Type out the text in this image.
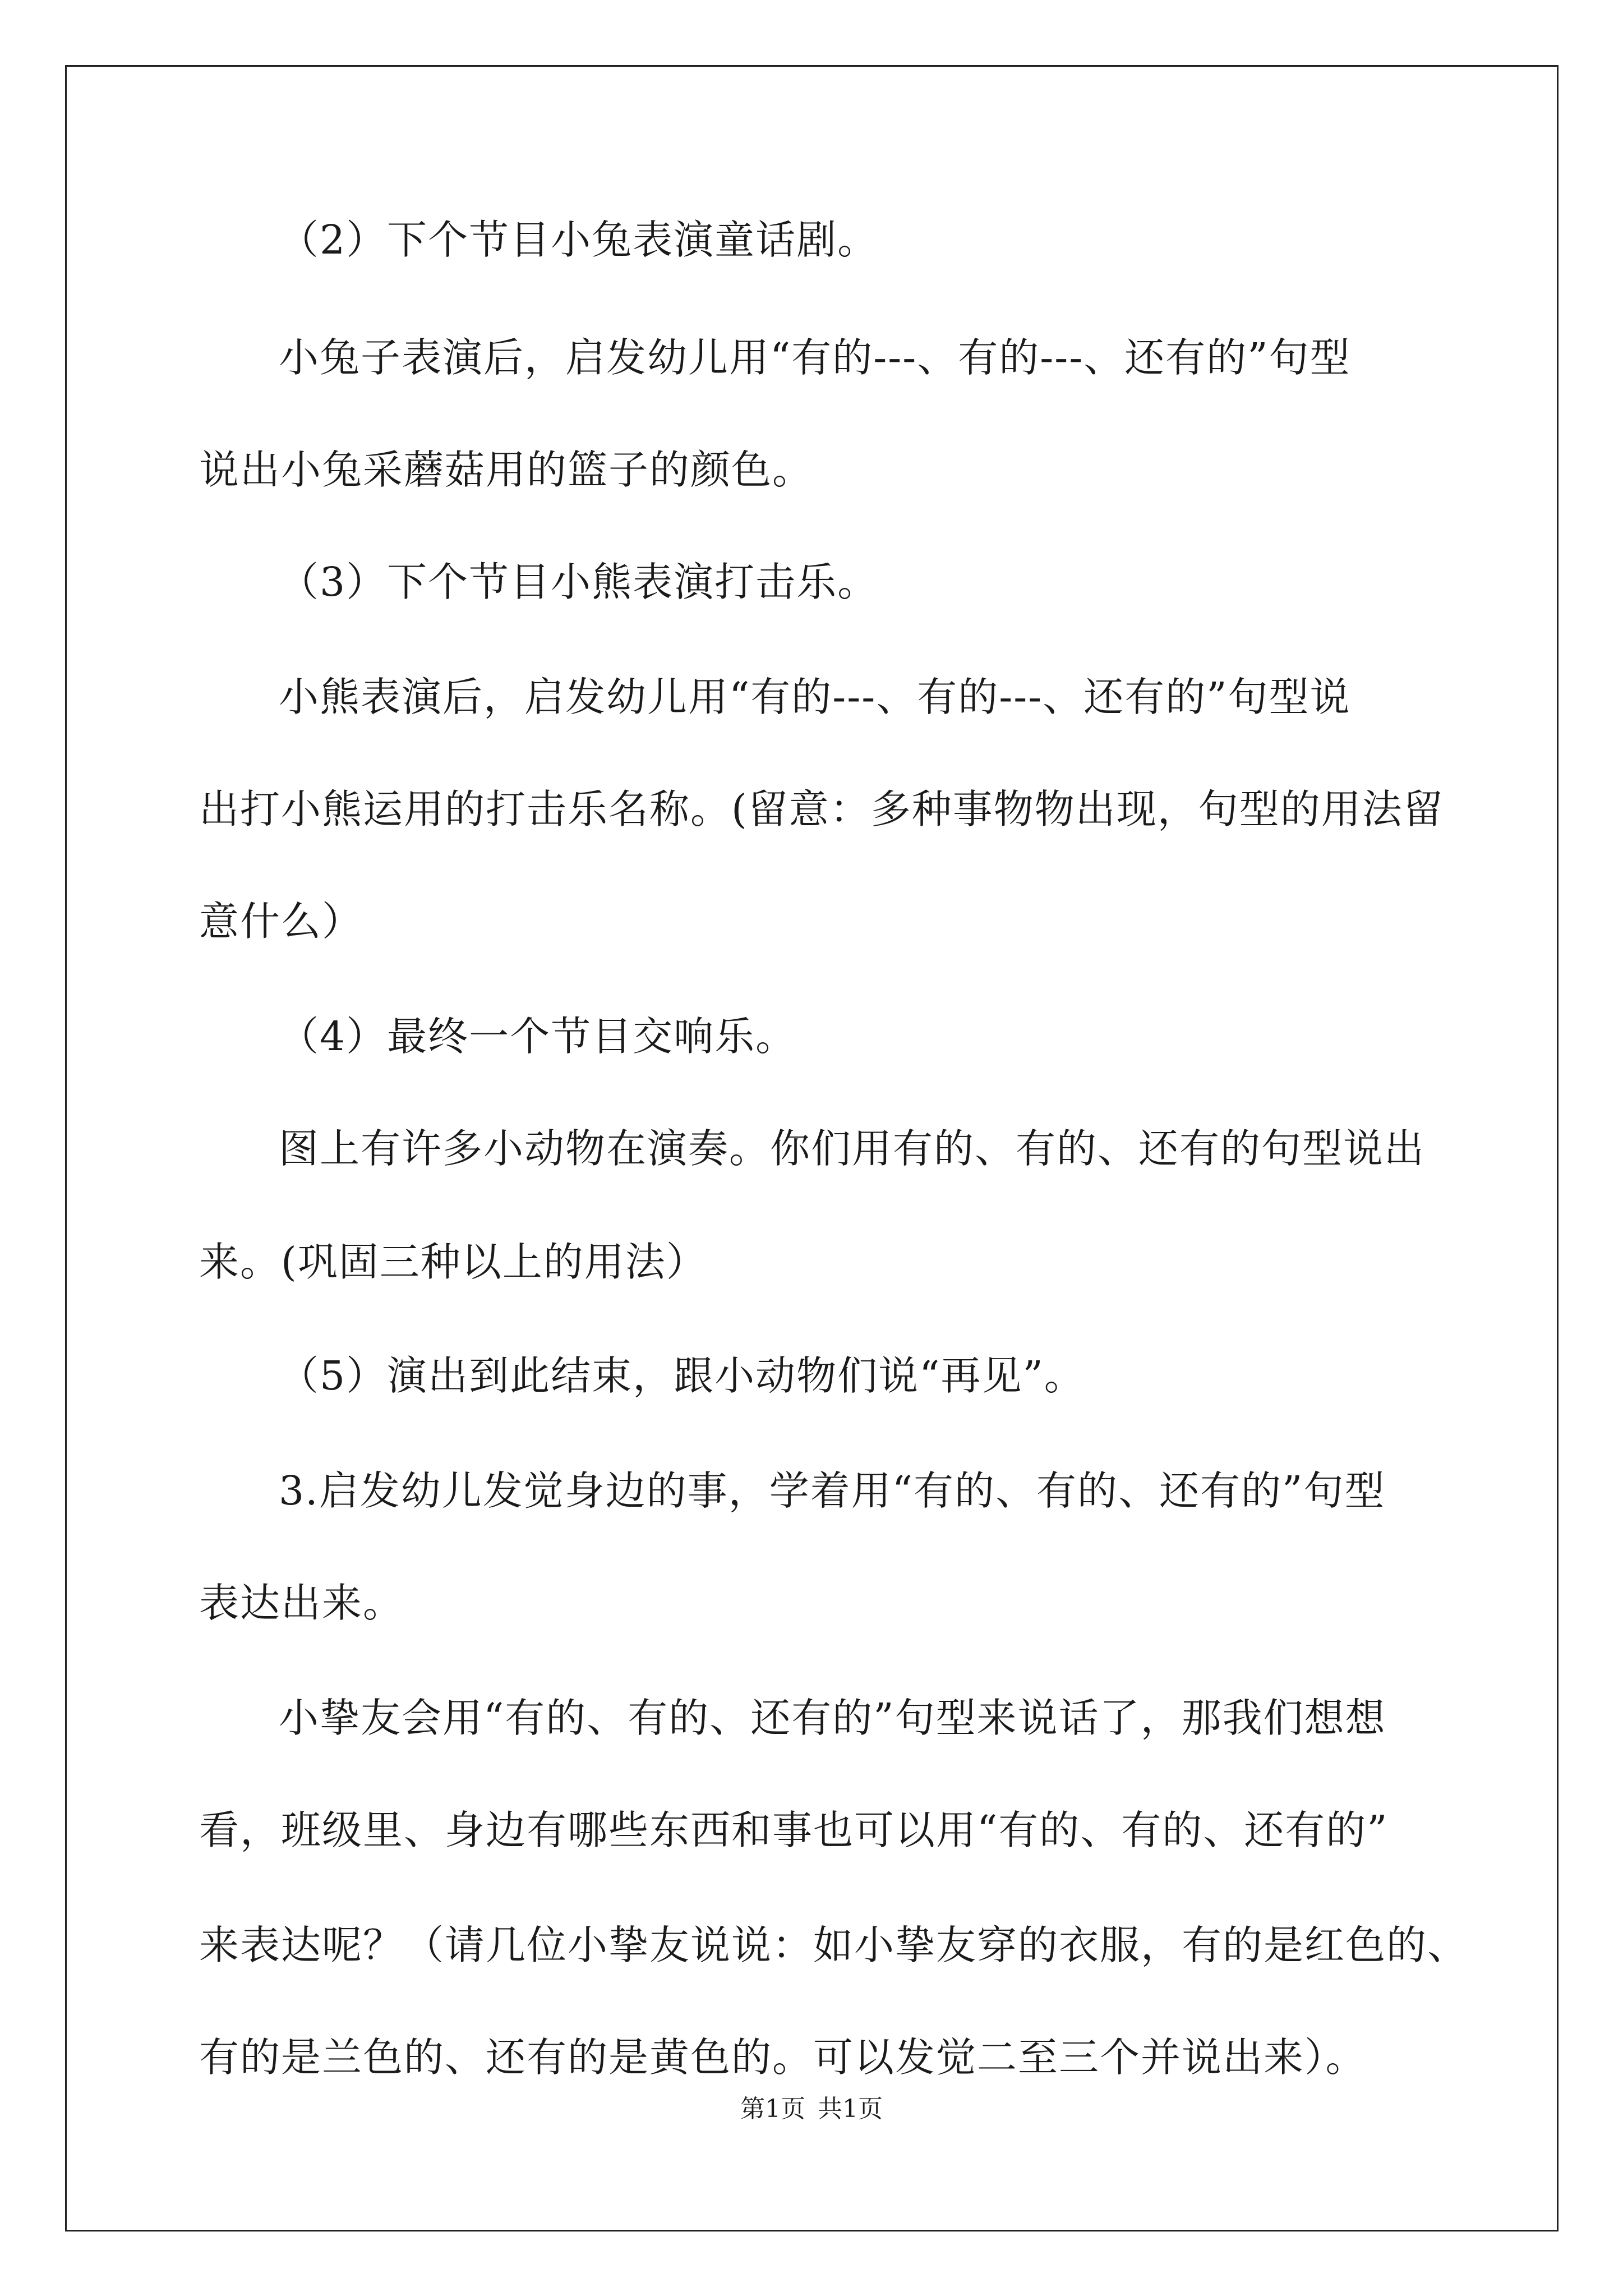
（2）下个节目小兔表演童话剧。
小兔子表演后，启发幼儿用“有的---、有的---、还有的”句型
说出小兔采蘑菇用的篮子的颜色。
（3）下个节目小熊表演打击乐。
小熊表演后，启发幼儿用“有的---、有的---、还有的”句型说
出打小熊运用的打击乐名称。(留意：多种事物物出现，句型的用法留
意什么）
（4）最终一个节目交响乐。
图上有许多小动物在演奏。你们用有的、有的、还有的句型说出
来。(巩固三种以上的用法）
（5）演出到此结束，跟小动物们说“再见”。
3.启发幼儿发觉身边的事，学着用“有的、有的、还有的”句型
表达出来。
小挚友会用“有的、有的、还有的”句型来说话了，那我们想想
看，班级里、身边有哪些东西和事也可以用“有的、有的、还有的”
来表达呢？（请几位小挚友说说：如小挚友穿的衣服，有的是红色的、
有的是兰色的、还有的是黄色的。可以发觉二至三个并说出来）。
第1页 共1页
